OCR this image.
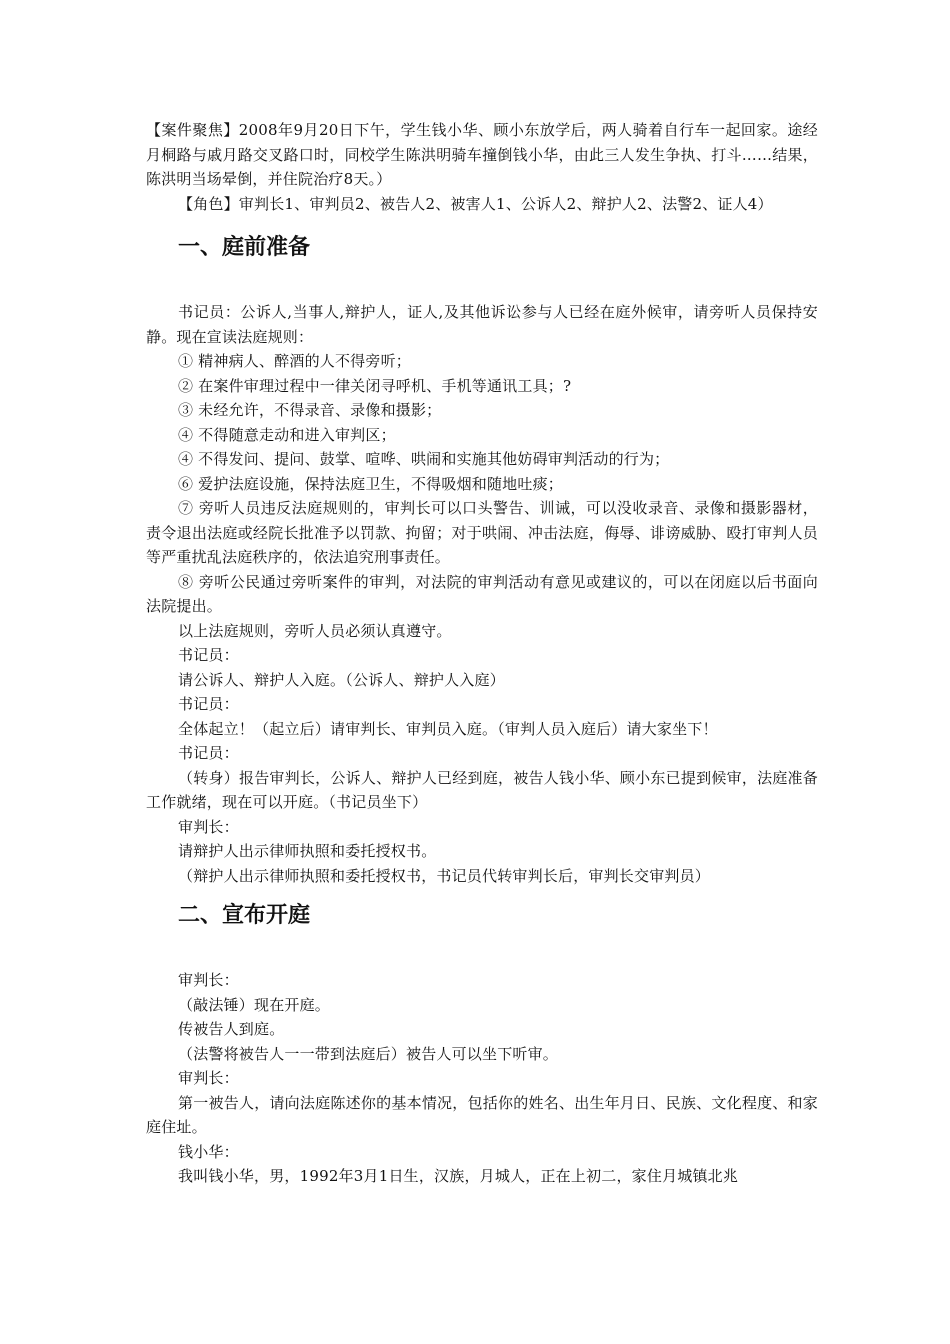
【案件聚焦】2008年9月20日下午，学生钱小华、顾小东放学后，两人骑着自行车一起回家。途经月桐路与戚月路交叉路口时，同校学生陈洪明骑车撞倒钱小华，由此三人发生争执、打斗……结果，陈洪明当场晕倒，并住院治疗8天。）

【角色】审判长1、审判员2、被告人2、被害人1、公诉人2、辩护人2、法警2、证人4）

一、庭前准备

书记员：公诉人,当事人,辩护人，证人,及其他诉讼参与人已经在庭外候审，请旁听人员保持安静。现在宣读法庭规则：

① 精神病人、醉酒的人不得旁听；

② 在案件审理过程中一律关闭寻呼机、手机等通讯工具；?

③ 未经允许，不得录音、录像和摄影；

④ 不得随意走动和进入审判区；

④ 不得发问、提问、鼓掌、喧哗、哄闹和实施其他妨碍审判活动的行为；

⑥ 爱护法庭设施，保持法庭卫生，不得吸烟和随地吐痰；

⑦ 旁听人员违反法庭规则的，审判长可以口头警告、训诫，可以没收录音、录像和摄影器材，责令退出法庭或经院长批准予以罚款、拘留；对于哄闹、冲击法庭，侮辱、诽谤威胁、殴打审判人员等严重扰乱法庭秩序的，依法追究刑事责任。

⑧ 旁听公民通过旁听案件的审判，对法院的审判活动有意见或建议的，可以在闭庭以后书面向法院提出。

以上法庭规则，旁听人员必须认真遵守。

书记员：

请公诉人、辩护人入庭。（公诉人、辩护人入庭）

书记员：

全体起立！（起立后）请审判长、审判员入庭。（审判人员入庭后）请大家坐下！

书记员：

（转身）报告审判长，公诉人、辩护人已经到庭，被告人钱小华、顾小东已提到候审，法庭准备工作就绪，现在可以开庭。（书记员坐下）

审判长：

请辩护人出示律师执照和委托授权书。

（辩护人出示律师执照和委托授权书，书记员代转审判长后，审判长交审判员）

二、宣布开庭

审判长：

（敲法锤）现在开庭。

传被告人到庭。

（法警将被告人一一带到法庭后）被告人可以坐下听审。

审判长：

第一被告人，请向法庭陈述你的基本情况，包括你的姓名、出生年月日、民族、文化程度、和家庭住址。

钱小华：

我叫钱小华，男，1992年3月1日生，汉族，月城人，正在上初二，家住月城镇北兆
